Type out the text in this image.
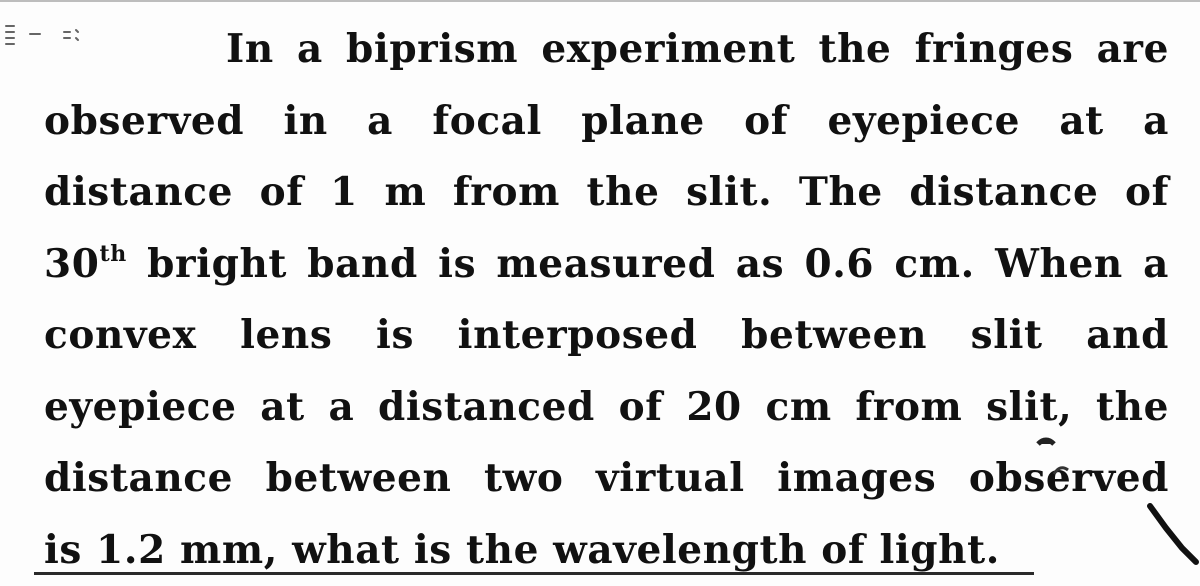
In a biprism experiment the fringes are
observed in a focal plane of eyepiece at a
distance of 1 m from the slit. The distance of
30th bright band is measured as 0.6 cm. When a
convex lens is interposed between slit and
eyepiece at a distanced of 20 cm from slit, the
distance between two virtual images observed
is 1.2 mm, what is the wavelength of light.
